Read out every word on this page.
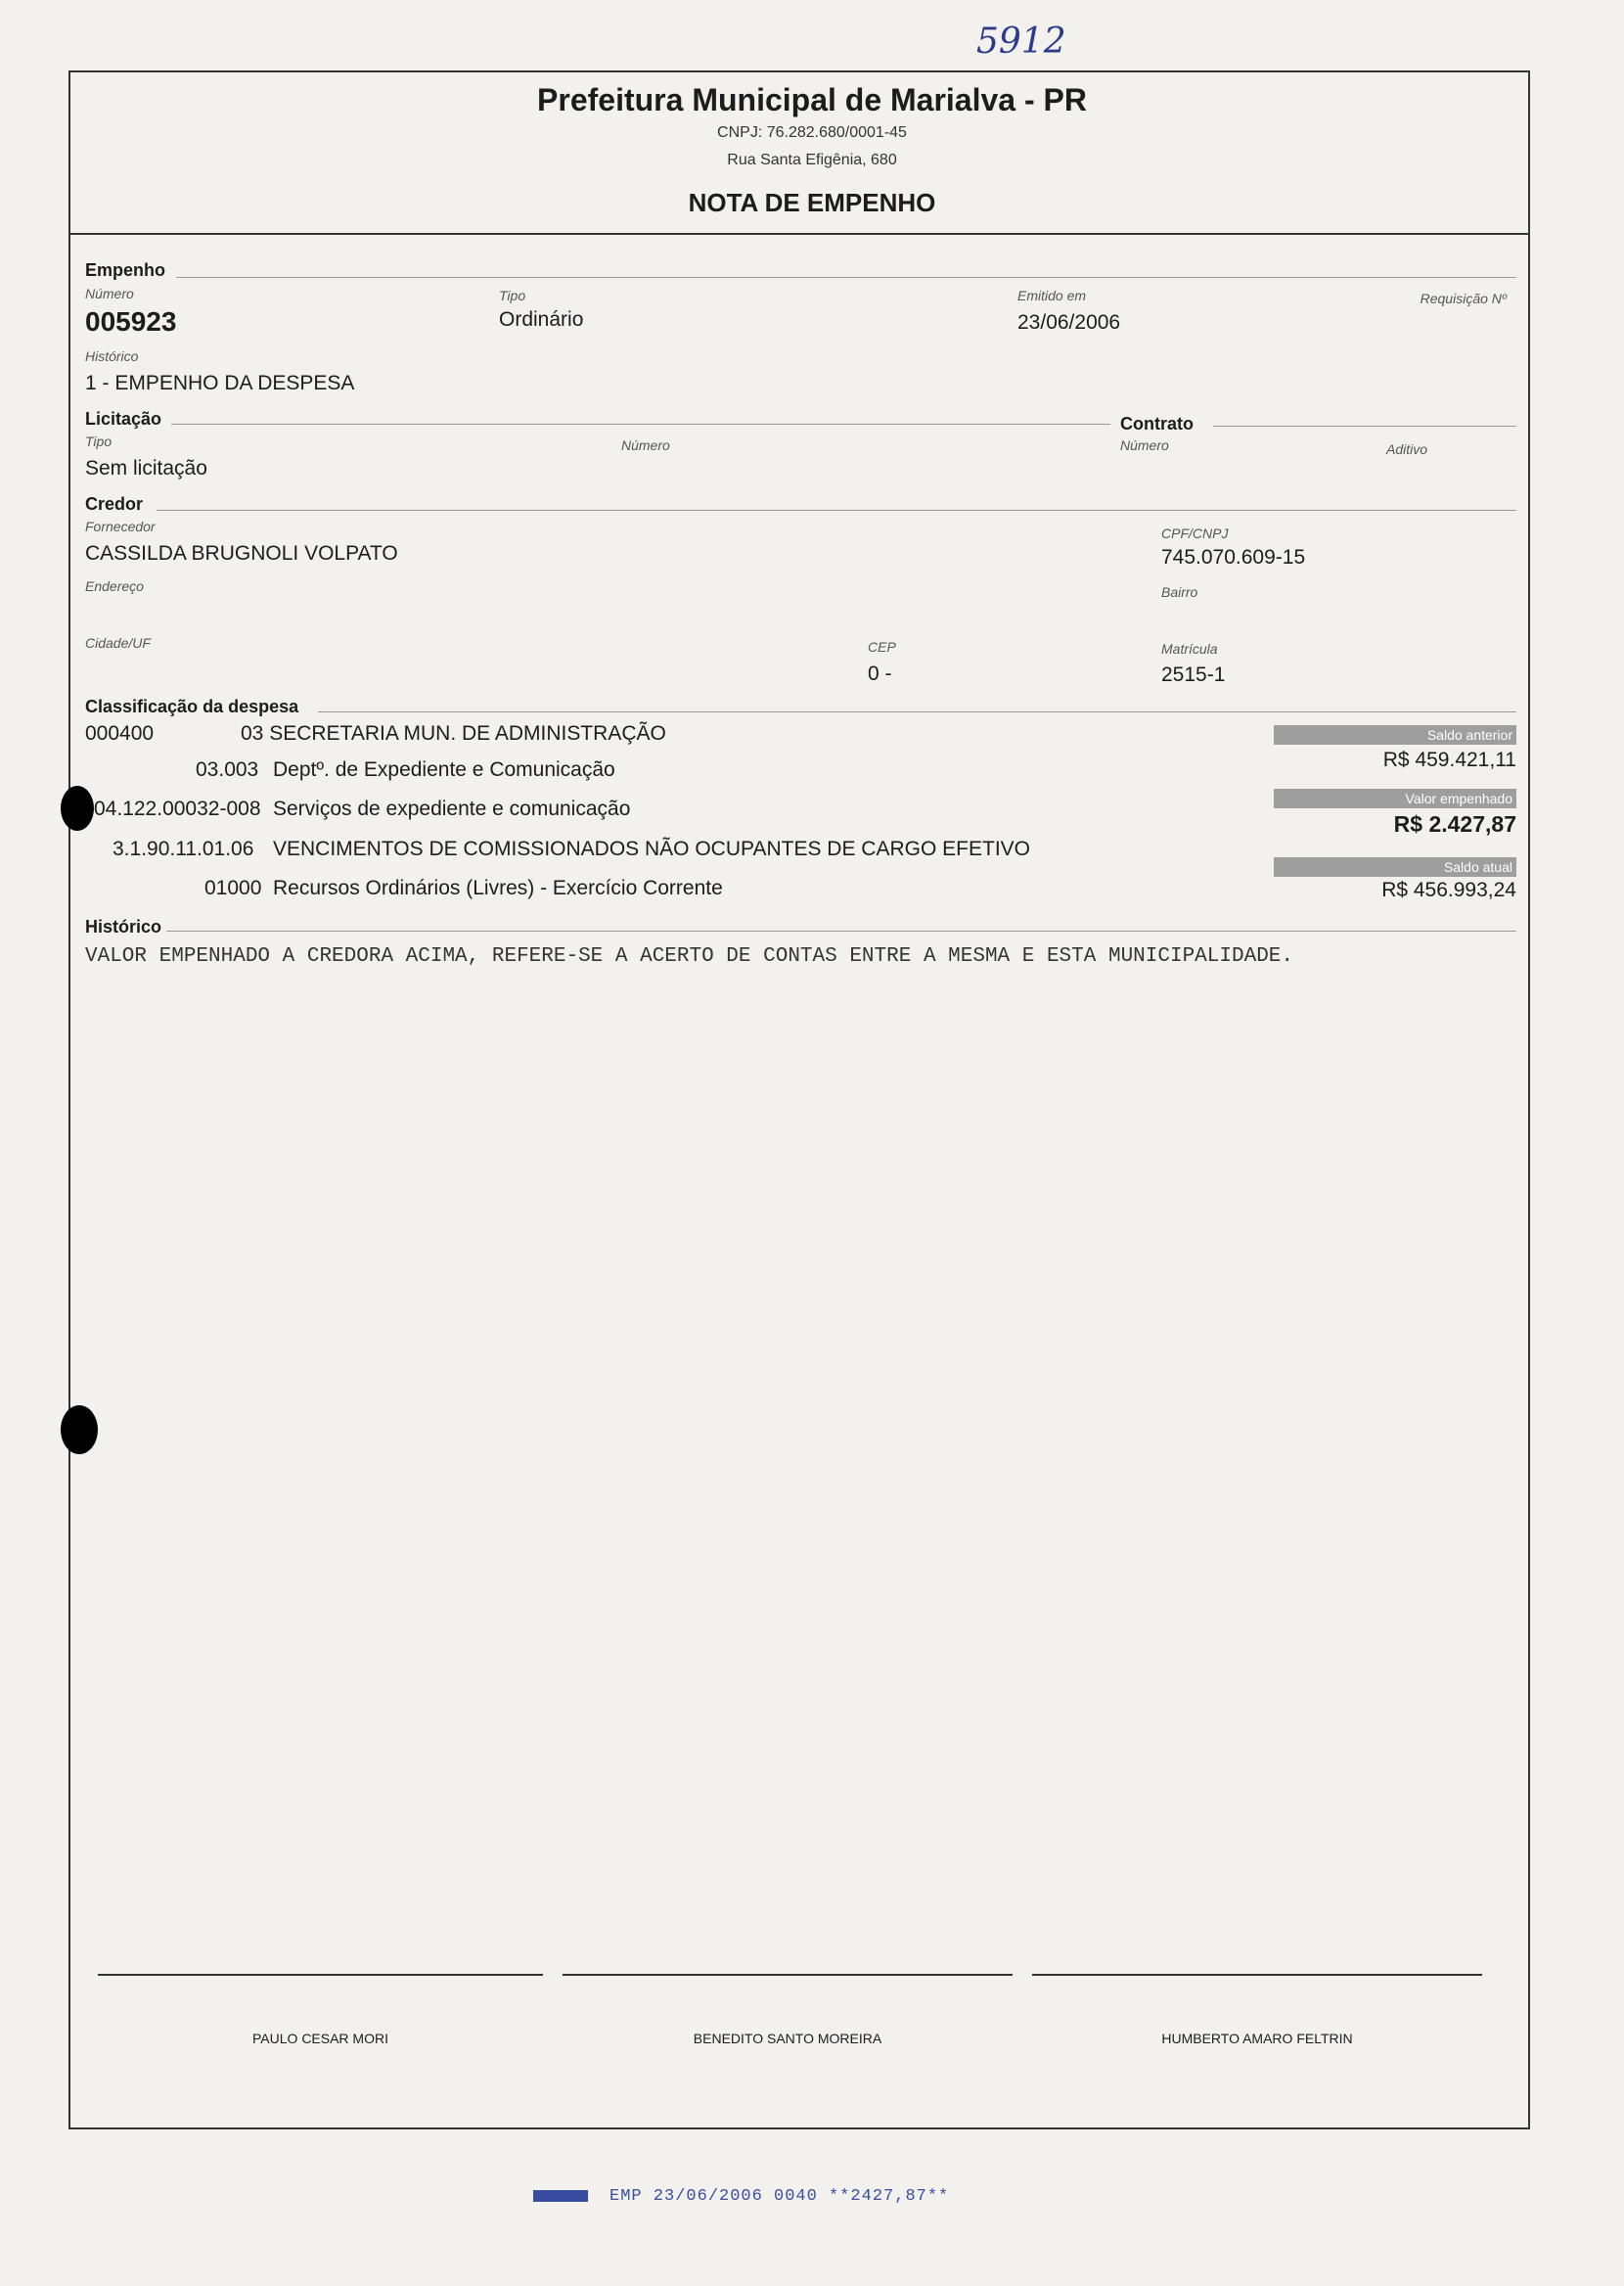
5912
Prefeitura Municipal de Marialva - PR
CNPJ: 76.282.680/0001-45
Rua Santa Efigênia, 680
NOTA DE EMPENHO
Empenho
Número
005923
Tipo
Ordinário
Emitido em
23/06/2006
Requisição Nº
Histórico
1 - EMPENHO DA DESPESA
Licitação
Tipo
Sem licitação
Número
Contrato
Número	Aditivo
Credor
Fornecedor
CASSILDA BRUGNOLI VOLPATO
CPF/CNPJ
745.070.609-15
Endereço	Bairro
Cidade/UF	CEP
0 -
Matrícula
2515-1
Classificação da despesa
000400	03 SECRETARIA MUN. DE ADMINISTRAÇÃO
03.003 Deptº. de Expediente e Comunicação
04.122.00032-008 Serviços de expediente e comunicação
3.1.90.11.01.06 VENCIMENTOS DE COMISSIONADOS NÃO OCUPANTES DE CARGO EFETIVO
01000 Recursos Ordinários (Livres) - Exercício Corrente
Saldo anterior
R$ 459.421,11
Valor empenhado
R$ 2.427,87
Saldo atual
R$ 456.993,24
Histórico
VALOR EMPENHADO A CREDORA ACIMA, REFERE-SE A ACERTO DE CONTAS ENTRE A MESMA E ESTA MUNICIPALIDADE.
PAULO CESAR MORI	BENEDITO SANTO MOREIRA	HUMBERTO AMARO FELTRIN
EMP 23/06/2006 0040 **2427,87**
